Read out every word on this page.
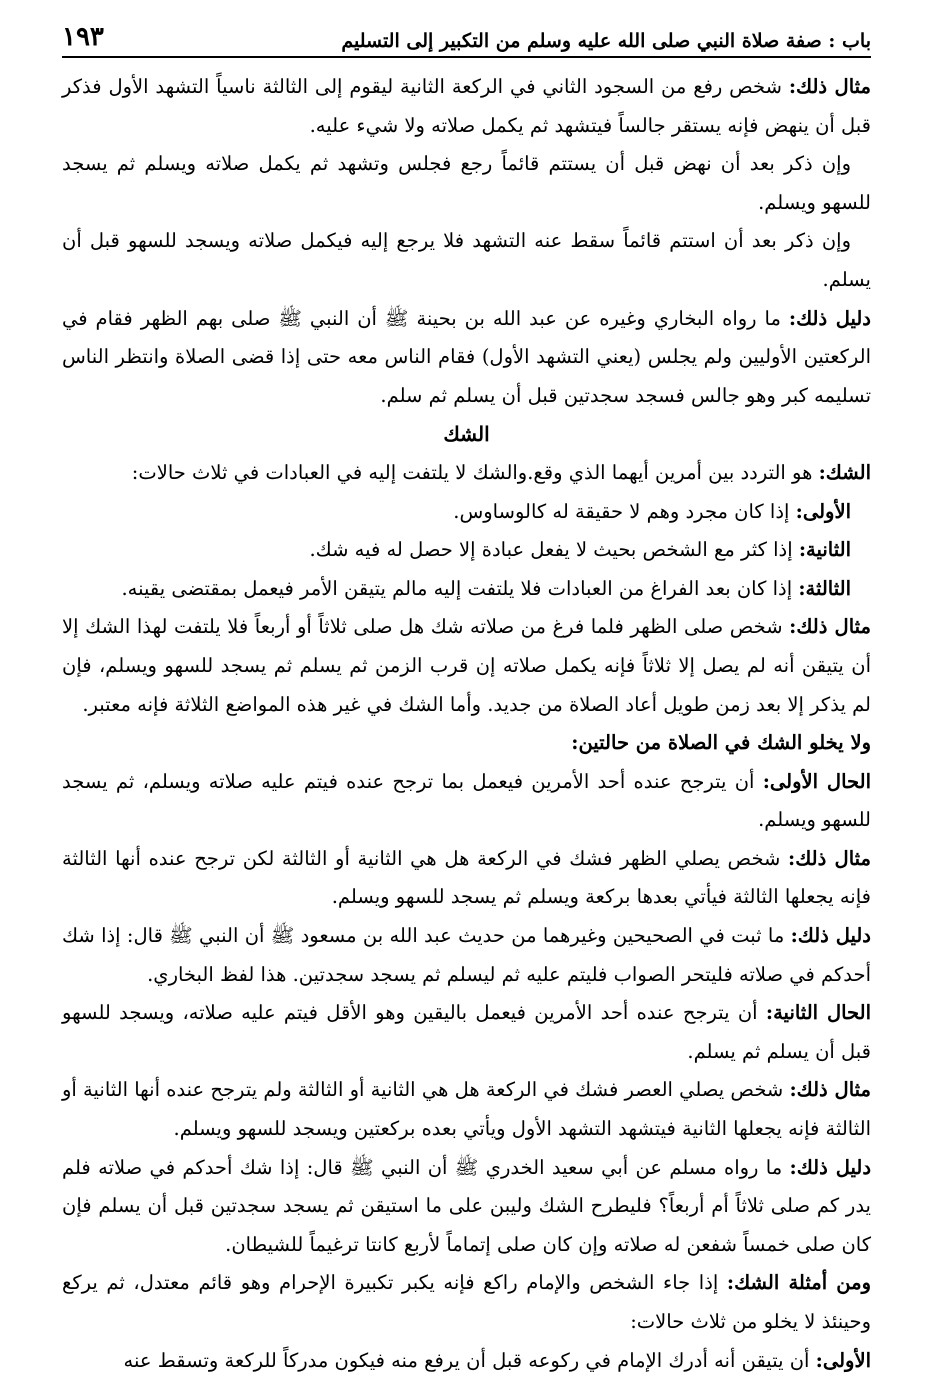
باب : صفة صلاة النبي صلى الله عليه وسلم من التكبير إلى التسليم
١٩٣

مثال ذلك: شخص رفع من السجود الثاني في الركعة الثانية ليقوم إلى الثالثة ناسياً التشهد الأول فذكر قبل أن ينهض فإنه يستقر جالساً فيتشهد ثم يكمل صلاته ولا شيء عليه.

وإن ذكر بعد أن نهض قبل أن يستتم قائماً رجع فجلس وتشهد ثم يكمل صلاته ويسلم ثم يسجد للسهو ويسلم.

وإن ذكر بعد أن استتم قائماً سقط عنه التشهد فلا يرجع إليه فيكمل صلاته ويسجد للسهو قبل أن يسلم.

دليل ذلك: ما رواه البخاري وغيره عن عبد الله بن بحينة ﷺ أن النبي ﷺ صلى بهم الظهر فقام في الركعتين الأوليين ولم يجلس (يعني التشهد الأول) فقام الناس معه حتى إذا قضى الصلاة وانتظر الناس تسليمه كبر وهو جالس فسجد سجدتين قبل أن يسلم ثم سلم.

الشك

الشك: هو التردد بين أمرين أيهما الذي وقع.والشك لا يلتفت إليه في العبادات في ثلاث حالات:

الأولى: إذا كان مجرد وهم لا حقيقة له كالوساوس.

الثانية: إذا كثر مع الشخص بحيث لا يفعل عبادة إلا حصل له فيه شك.

الثالثة: إذا كان بعد الفراغ من العبادات فلا يلتفت إليه مالم يتيقن الأمر فيعمل بمقتضى يقينه.

مثال ذلك: شخص صلى الظهر فلما فرغ من صلاته شك هل صلى ثلاثاً أو أربعاً فلا يلتفت لهذا الشك إلا أن يتيقن أنه لم يصل إلا ثلاثاً فإنه يكمل صلاته إن قرب الزمن ثم يسلم ثم يسجد للسهو ويسلم، فإن لم يذكر إلا بعد زمن طويل أعاد الصلاة من جديد. وأما الشك في غير هذه المواضع الثلاثة فإنه معتبر.

ولا يخلو الشك في الصلاة من حالتين:

الحال الأولى: أن يترجح عنده أحد الأمرين فيعمل بما ترجح عنده فيتم عليه صلاته ويسلم، ثم يسجد للسهو ويسلم.

مثال ذلك: شخص يصلي الظهر فشك في الركعة هل هي الثانية أو الثالثة لكن ترجح عنده أنها الثالثة فإنه يجعلها الثالثة فيأتي بعدها بركعة ويسلم ثم يسجد للسهو ويسلم.

دليل ذلك: ما ثبت في الصحيحين وغيرهما من حديث عبد الله بن مسعود ﷺ أن النبي ﷺ قال: إذا شك أحدكم في صلاته فليتحر الصواب فليتم عليه ثم ليسلم ثم يسجد سجدتين. هذا لفظ البخاري.

الحال الثانية: أن يترجح عنده أحد الأمرين فيعمل باليقين وهو الأقل فيتم عليه صلاته، ويسجد للسهو قبل أن يسلم ثم يسلم.

مثال ذلك: شخص يصلي العصر فشك في الركعة هل هي الثانية أو الثالثة ولم يترجح عنده أنها الثانية أو الثالثة فإنه يجعلها الثانية فيتشهد التشهد الأول ويأتي بعده بركعتين ويسجد للسهو ويسلم.

دليل ذلك: ما رواه مسلم عن أبي سعيد الخدري ﷺ أن النبي ﷺ قال: إذا شك أحدكم في صلاته فلم يدر كم صلى ثلاثاً أم أربعاً؟ فليطرح الشك وليبن على ما استيقن ثم يسجد سجدتين قبل أن يسلم فإن كان صلى خمساً شفعن له صلاته وإن كان صلى إتماماً لأربع كانتا ترغيماً للشيطان.

ومن أمثلة الشك: إذا جاء الشخص والإمام راكع فإنه يكبر تكبيرة الإحرام وهو قائم معتدل، ثم يركع وحينئذ لا يخلو من ثلاث حالات:

الأولى: أن يتيقن أنه أدرك الإمام في ركوعه قبل أن يرفع منه فيكون مدركاً للركعة وتسقط عنه
